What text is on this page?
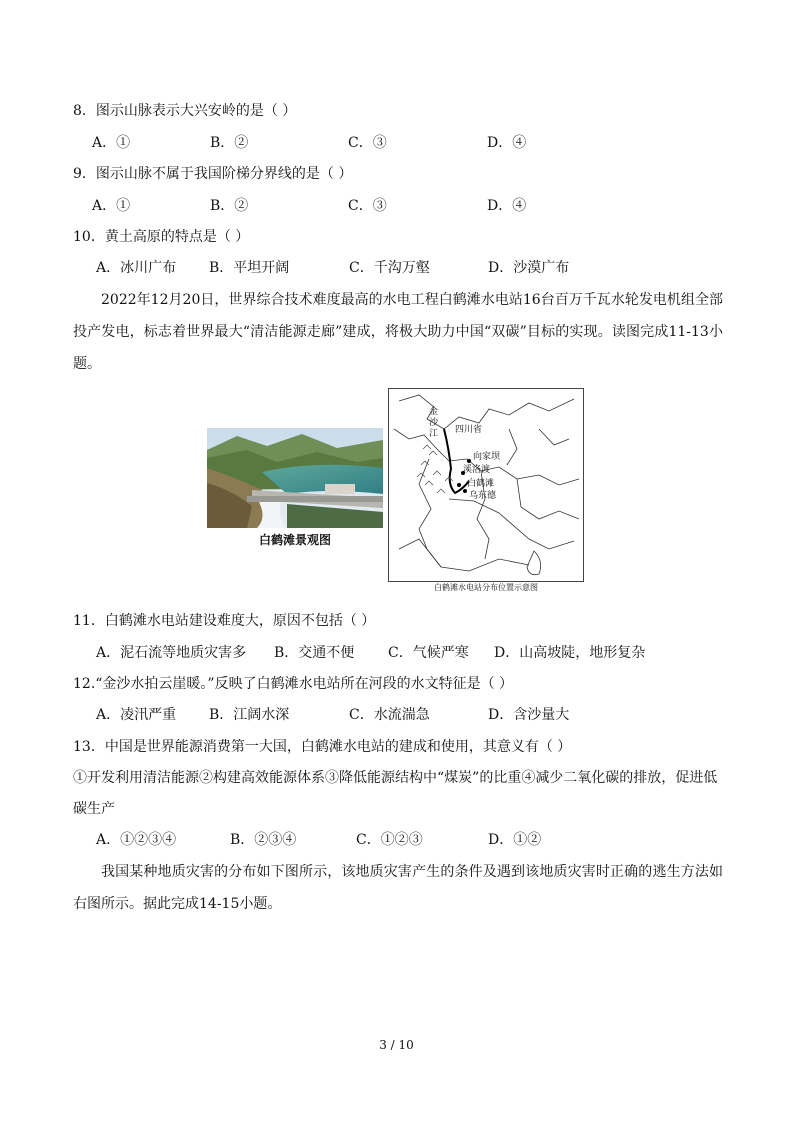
8．图示山脉表示大兴安岭的是（ ）
A．①	B．②	C．③	D．④
9．图示山脉不属于我国阶梯分界线的是（ ）
A．①	B．②	C．③	D．④
10．黄土高原的特点是（ ）
A．冰川广布 B．平坦开阔	C．千沟万壑	D．沙漠广布
2022年12月20日，世界综合技术难度最高的水电工程白鹤滩水电站16台百万千瓦水轮发电机组全部投产发电，标志着世界最大“清洁能源走廊”建成，将极大助力中国“双碳”目标的实现。读图完成11-13小题。
白鹤滩景观图
四川省
金沙江
向家坝
溪洛渡
白鹤滩
乌东德
白鹤滩水电站分布位置示意图
11．白鹤滩水电站建设难度大，原因不包括（ ）
A．泥石流等地质灾害多 B．交通不便 C．气候严寒 D．山高坡陡，地形复杂
12.“金沙水拍云崖暖。”反映了白鹤滩水电站所在河段的水文特征是（ ）
A．凌汛严重 B．江阔水深	C．水流湍急	D．含沙量大
13．中国是世界能源消费第一大国，白鹤滩水电站的建成和使用，其意义有（ ）
①开发利用清洁能源②构建高效能源体系③降低能源结构中“煤炭”的比重④减少二氧化碳的排放，促进低
碳生产
A．①②③④	B．②③④	C．①②③	D．①②
我国某种地质灾害的分布如下图所示，该地质灾害产生的条件及遇到该地质灾害时正确的逃生方法如右图所示。据此完成14-15小题。
3 / 10
